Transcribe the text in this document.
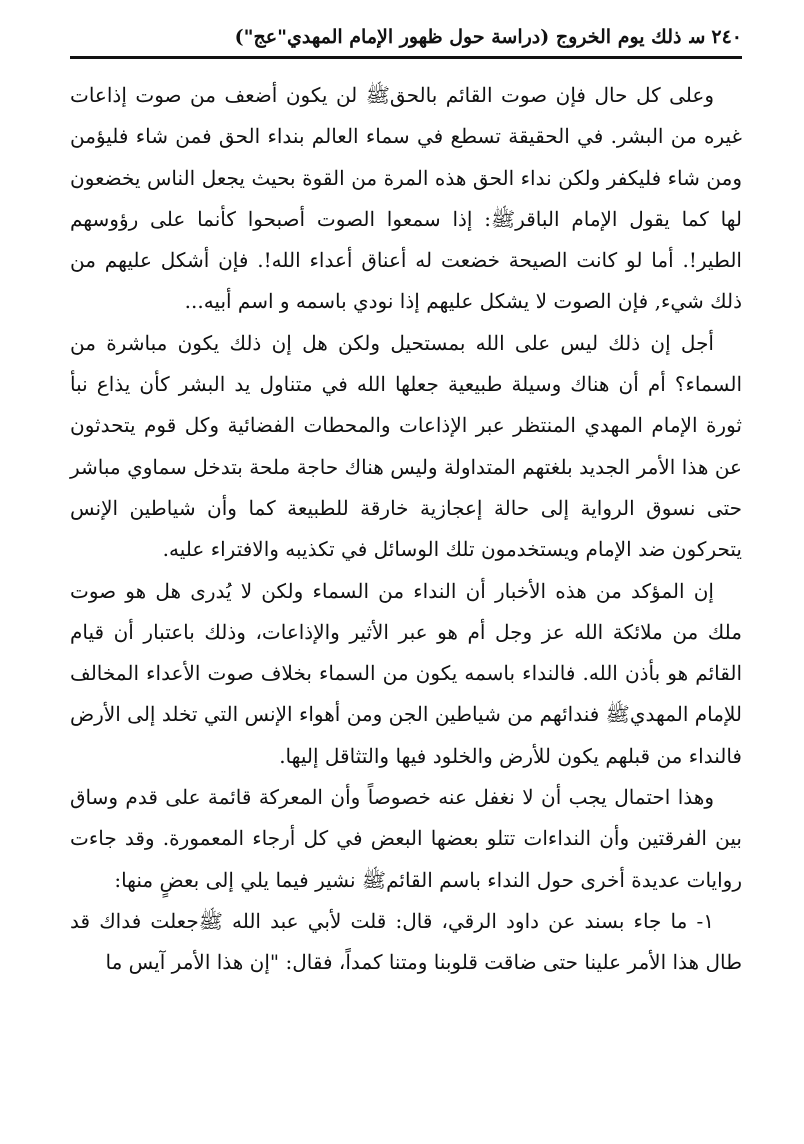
٢٤٠
ﺳ
ذلك يوم الخروج (دراسة حول ظهور الإمام المهدي"عج")

وعلى كل حال فإن صوت القائم بالحقﷺ لن يكون أضعف من صوت إذاعات غيره من البشر. في الحقيقة تسطع في سماء العالم بنداء الحق فمن شاء فليؤمن ومن شاء فليكفر ولكن نداء الحق هذه المرة من القوة بحيث يجعل الناس يخضعون لها كما يقول الإمام الباقرﷺ: إذا سمعوا الصوت أصبحوا كأنما على رؤوسهم الطير!. أما لو كانت الصيحة خضعت له أعناق أعداء الله!. فإن أشكل عليهم من ذلك شيء, فإن الصوت لا يشكل عليهم إذا نودي باسمه و اسم أبيه...

أجل إن ذلك ليس على الله بمستحيل ولكن هل إن ذلك يكون مباشرة من السماء؟ أم أن هناك وسيلة طبيعية جعلها الله في متناول يد البشر كأن يذاع نبأ ثورة الإمام المهدي المنتظر عبر الإذاعات والمحطات الفضائية وكل قوم يتحدثون عن هذا الأمر الجديد بلغتهم المتداولة وليس هناك حاجة ملحة بتدخل سماوي مباشر حتى نسوق الرواية إلى حالة إعجازية خارقة للطبيعة كما وأن شياطين الإنس يتحركون ضد الإمام ويستخدمون تلك الوسائل في تكذيبه والافتراء عليه.

إن المؤكد من هذه الأخبار أن النداء من السماء ولكن لا يُدرى هل هو صوت ملك من ملائكة الله عز وجل أم هو عبر الأثير والإذاعات، وذلك باعتبار أن قيام القائم هو بأذن الله. فالنداء باسمه يكون من السماء بخلاف صوت الأعداء المخالف للإمام المهديﷺ فندائهم من شياطين الجن ومن أهواء الإنس التي تخلد إلى الأرض فالنداء من قبلهم يكون للأرض والخلود فيها والتثاقل إليها.

وهذا احتمال يجب أن لا نغفل عنه خصوصاً وأن المعركة قائمة على قدم وساق بين الفرقتين وأن النداءات تتلو بعضها البعض في كل أرجاء المعمورة. وقد جاءت روايات عديدة أخرى حول النداء باسم القائمﷺ نشير فيما يلي إلى بعضٍ منها:

١- ما جاء بسند عن داود الرقي، قال: قلت لأبي عبد الله ﷺجعلت فداك قد طال هذا الأمر علينا حتى ضاقت قلوبنا ومتنا كمداً، فقال: "إن هذا الأمر آيس ما
